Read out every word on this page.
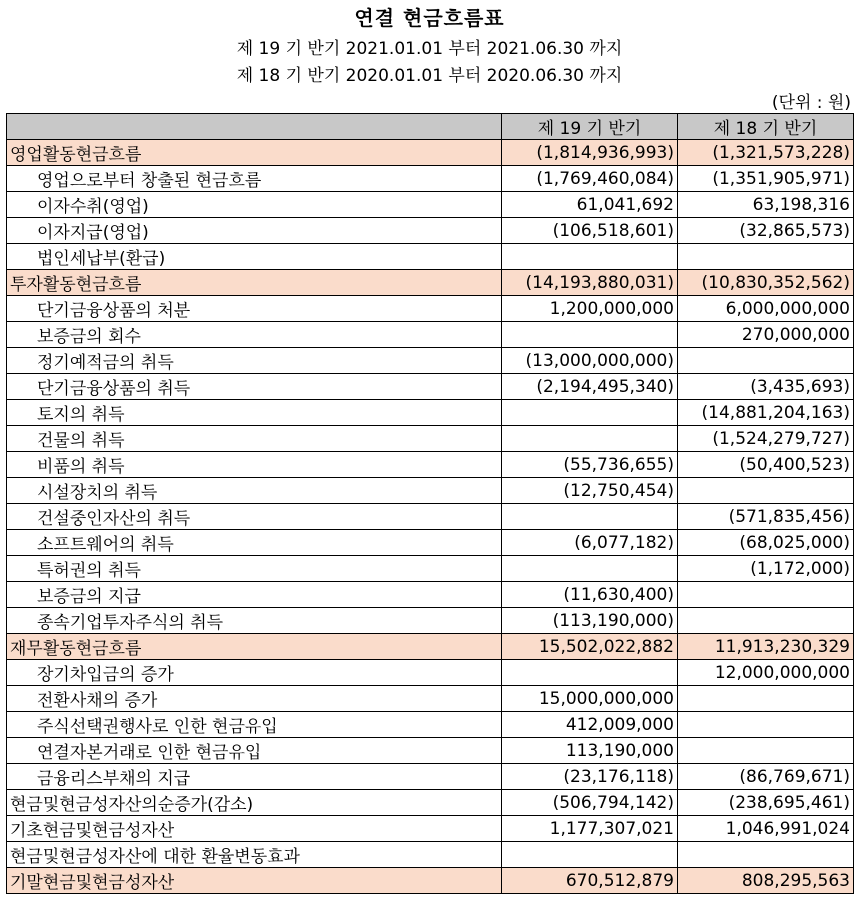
연결 현금흐름표
제 19 기 반기 2021.01.01 부터 2021.06.30 까지
제 18 기 반기 2020.01.01 부터 2020.06.30 까지
(단위 : 원)
	제 19 기 반기	제 18 기 반기
영업활동현금흐름	(1,814,936,993)	(1,321,573,228)
영업으로부터 창출된 현금흐름	(1,769,460,084)	(1,351,905,971)
이자수취(영업)	61,041,692	63,198,316
이자지급(영업)	(106,518,601)	(32,865,573)
법인세납부(환급)		
투자활동현금흐름	(14,193,880,031)	(10,830,352,562)
단기금융상품의 처분	1,200,000,000	6,000,000,000
보증금의 회수		270,000,000
정기예적금의 취득	(13,000,000,000)	
단기금융상품의 취득	(2,194,495,340)	(3,435,693)
토지의 취득		(14,881,204,163)
건물의 취득		(1,524,279,727)
비품의 취득	(55,736,655)	(50,400,523)
시설장치의 취득	(12,750,454)	
건설중인자산의 취득		(571,835,456)
소프트웨어의 취득	(6,077,182)	(68,025,000)
특허권의 취득		(1,172,000)
보증금의 지급	(11,630,400)	
종속기업투자주식의 취득	(113,190,000)	
재무활동현금흐름	15,502,022,882	11,913,230,329
장기차입금의 증가		12,000,000,000
전환사채의 증가	15,000,000,000	
주식선택권행사로 인한 현금유입	412,009,000	
연결자본거래로 인한 현금유입	113,190,000	
금융리스부채의 지급	(23,176,118)	(86,769,671)
현금및현금성자산의순증가(감소)	(506,794,142)	(238,695,461)
기초현금및현금성자산	1,177,307,021	1,046,991,024
현금및현금성자산에 대한 환율변동효과		
기말현금및현금성자산	670,512,879	808,295,563
